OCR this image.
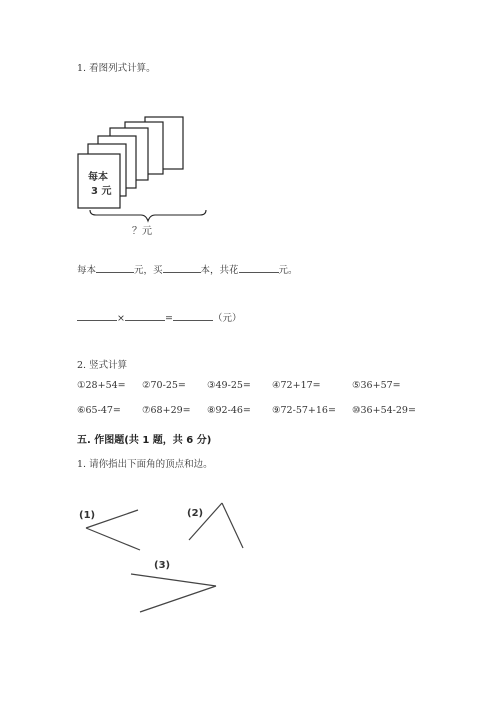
1. 看图列式计算。
每本
3 元
？元
每本	元，买	本，共花	元。
×	=	（元）
2. 竖式计算
①28+54= ②70-25= ③49-25= ④72+17=	⑤36+57=
⑥65-47= ⑦68+29= ⑧92-46= ⑨72-57+16= ⑩36+54-29=
五. 作图题(共 1 题，共 6 分)
1. 请你指出下面角的顶点和边。
(1)	(2)
(3)
